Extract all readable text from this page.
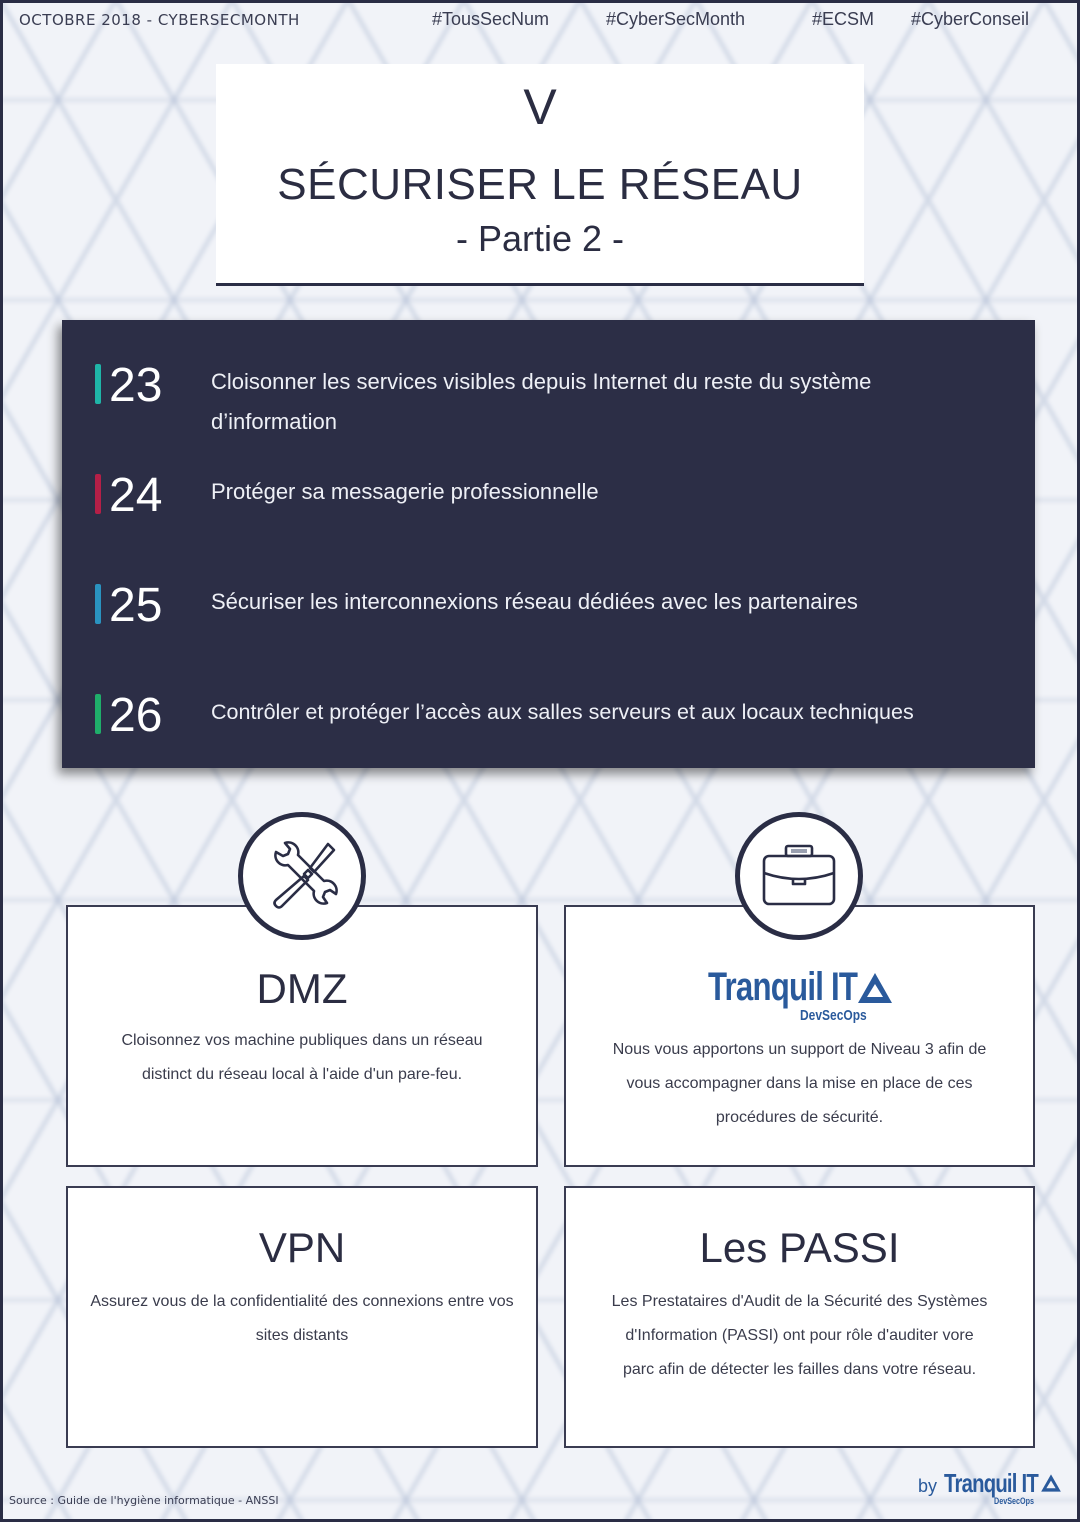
OCTOBRE 2018 - CYBERSECMONTH	#TousSecNum	#CyberSecMonth	#ECSM #CyberConseil
V
SÉCURISER LE RÉSEAU
- Partie 2 -
23 Cloisonner les services visibles depuis Internet du reste du système d’information
24 Protéger sa messagerie professionnelle
25 Sécuriser les interconnexions réseau dédiées avec les partenaires
26 Contrôler et protéger l’accès aux salles serveurs et aux locaux techniques
DMZ
Cloisonnez vos machine publiques dans un réseau distinct du réseau local à l'aide d'un pare-feu.
Tranquil IT
DevSecOps
Nous vous apportons un support de Niveau 3 afin de vous accompagner dans la mise en place de ces procédures de sécurité.
VPN
Assurez vous de la confidentialité des connexions entre vos sites distants
Les PASSI
Les Prestataires d'Audit de la Sécurité des Systèmes d'Information (PASSI) ont pour rôle d'auditer vore parc afin de détecter les failles dans votre réseau.
Source : Guide de l'hygiène informatique - ANSSI
by Tranquil IT
DevSecOps
